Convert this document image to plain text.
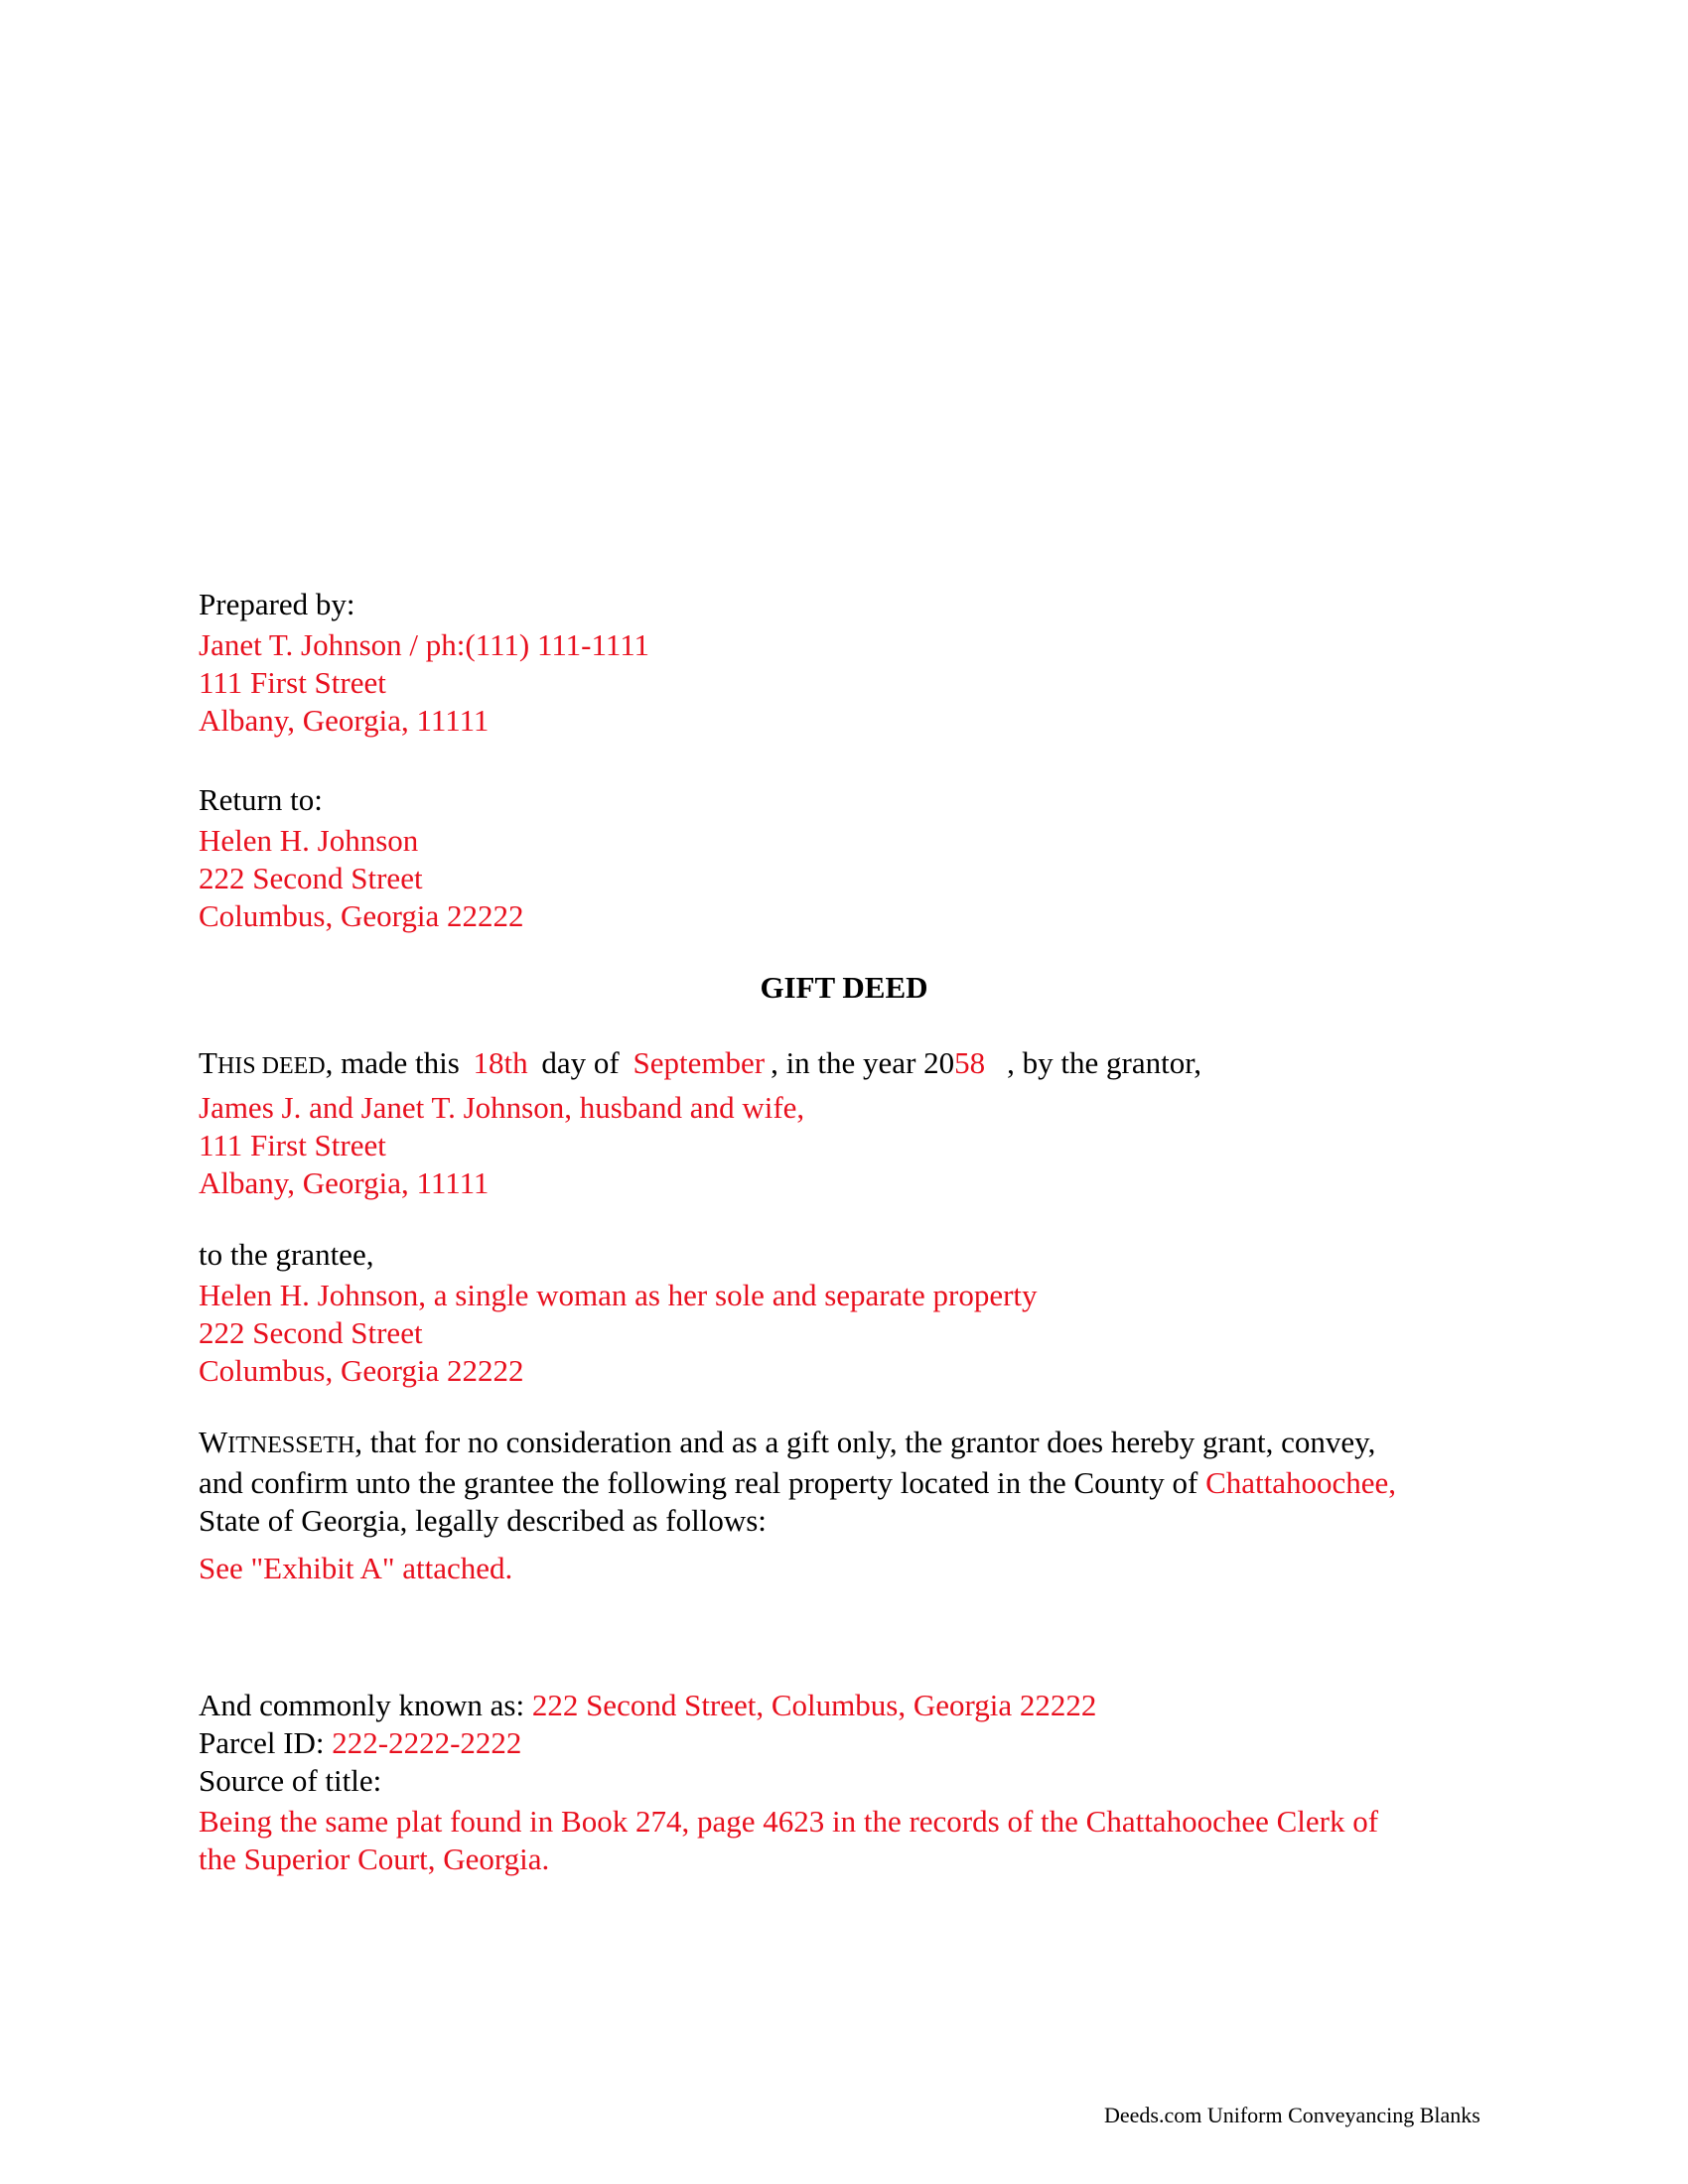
Prepared by:
Janet T. Johnson / ph:(111) 111-1111
111 First Street
Albany, Georgia, 11111
Return to:
Helen H. Johnson
222 Second Street
Columbus, Georgia 22222
GIFT DEED
THIS DEED, made this 18th day of September , in the year 2058 , by the grantor,
James J. and Janet T. Johnson, husband and wife,
111 First Street
Albany, Georgia, 11111
to the grantee,
Helen H. Johnson, a single woman as her sole and separate property
222 Second Street
Columbus, Georgia 22222
WITNESSETH, that for no consideration and as a gift only, the grantor does hereby grant, convey,
and confirm unto the grantee the following real property located in the County of Chattahoochee,
State of Georgia, legally described as follows:
See "Exhibit A" attached.
And commonly known as: 222 Second Street, Columbus, Georgia 22222
Parcel ID: 222-2222-2222
Source of title:
Being the same plat found in Book 274, page 4623 in the records of the Chattahoochee Clerk of
the Superior Court, Georgia.
Deeds.com Uniform Conveyancing Blanks
